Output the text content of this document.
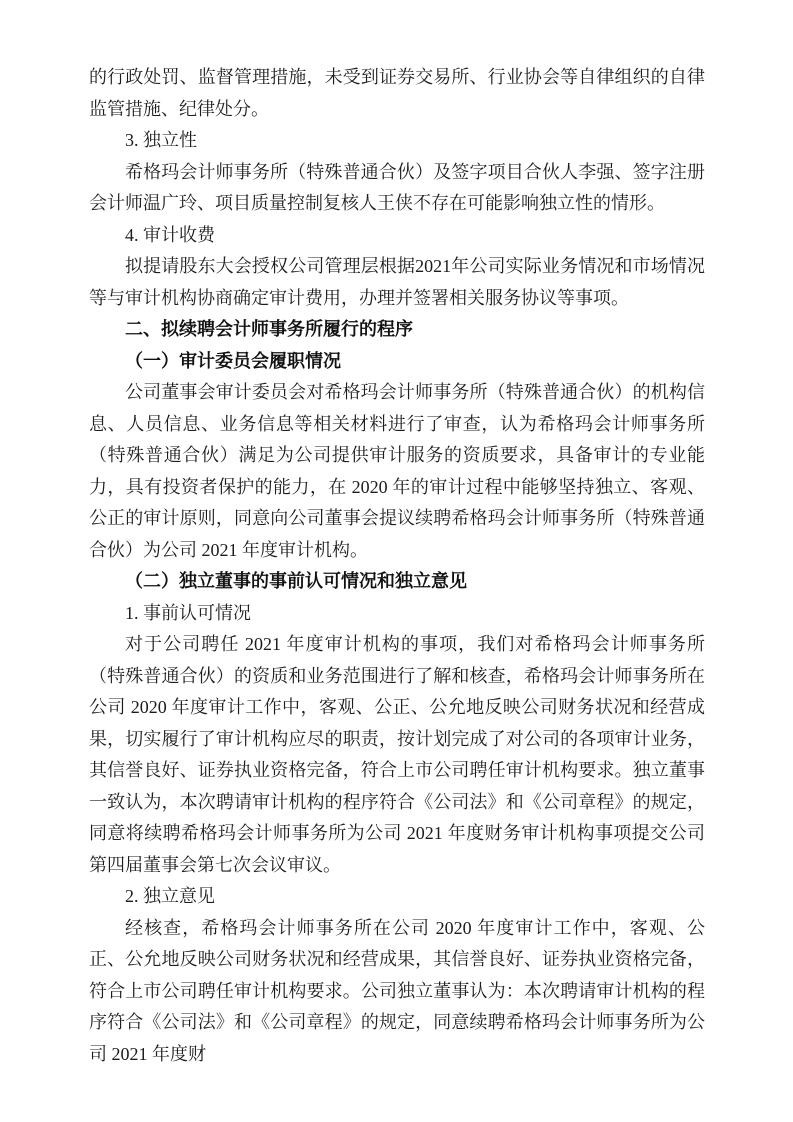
的行政处罚、监督管理措施，未受到证券交易所、行业协会等自律组织的自律监管措施、纪律处分。

3. 独立性

希格玛会计师事务所（特殊普通合伙）及签字项目合伙人李强、签字注册会计师温广玲、项目质量控制复核人王侠不存在可能影响独立性的情形。

4. 审计收费

拟提请股东大会授权公司管理层根据2021年公司实际业务情况和市场情况等与审计机构协商确定审计费用，办理并签署相关服务协议等事项。

二、拟续聘会计师事务所履行的程序

（一）审计委员会履职情况

公司董事会审计委员会对希格玛会计师事务所（特殊普通合伙）的机构信息、人员信息、业务信息等相关材料进行了审查，认为希格玛会计师事务所（特殊普通合伙）满足为公司提供审计服务的资质要求，具备审计的专业能力，具有投资者保护的能力，在 2020 年的审计过程中能够坚持独立、客观、公正的审计原则，同意向公司董事会提议续聘希格玛会计师事务所（特殊普通合伙）为公司 2021 年度审计机构。

（二）独立董事的事前认可情况和独立意见

1. 事前认可情况

对于公司聘任 2021 年度审计机构的事项，我们对希格玛会计师事务所（特殊普通合伙）的资质和业务范围进行了解和核查，希格玛会计师事务所在公司 2020 年度审计工作中，客观、公正、公允地反映公司财务状况和经营成果，切实履行了审计机构应尽的职责，按计划完成了对公司的各项审计业务，其信誉良好、证券执业资格完备，符合上市公司聘任审计机构要求。独立董事一致认为，本次聘请审计机构的程序符合《公司法》和《公司章程》的规定，同意将续聘希格玛会计师事务所为公司 2021 年度财务审计机构事项提交公司第四届董事会第七次会议审议。

2. 独立意见

经核查，希格玛会计师事务所在公司 2020 年度审计工作中，客观、公正、公允地反映公司财务状况和经营成果，其信誉良好、证券执业资格完备，符合上市公司聘任审计机构要求。公司独立董事认为：本次聘请审计机构的程序符合《公司法》和《公司章程》的规定，同意续聘希格玛会计师事务所为公司 2021 年度财
